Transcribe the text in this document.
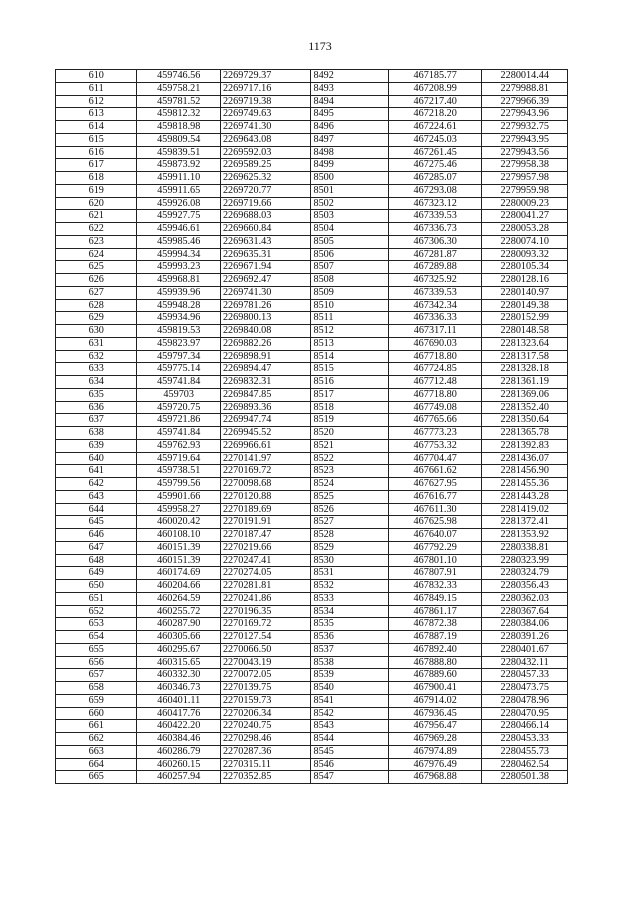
1173
610	459746.56	2269729.37	8492	467185.77	2280014.44
611	459758.21	2269717.16	8493	467208.99	2279988.81
612	459781.52	2269719.38	8494	467217.40	2279966.39
613	459812.32	2269749.63	8495	467218.20	2279943.96
614	459818.98	2269741.30	8496	467224.61	2279932.75
615	459809.54	2269643.08	8497	467245.03	2279943.95
616	459839.51	2269592.03	8498	467261.45	2279943.56
617	459873.92	2269589.25	8499	467275.46	2279958.38
618	459911.10	2269625.32	8500	467285.07	2279957.98
619	459911.65	2269720.77	8501	467293.08	2279959.98
620	459926.08	2269719.66	8502	467323.12	2280009.23
621	459927.75	2269688.03	8503	467339.53	2280041.27
622	459946.61	2269660.84	8504	467336.73	2280053.28
623	459985.46	2269631.43	8505	467306.30	2280074.10
624	459994.34	2269635.31	8506	467281.87	2280093.32
625	459993.23	2269671.94	8507	467289.88	2280105.34
626	459968.81	2269692.47	8508	467325.92	2280128.16
627	459939.96	2269741.30	8509	467339.53	2280140.97
628	459948.28	2269781.26	8510	467342.34	2280149.38
629	459934.96	2269800.13	8511	467336.33	2280152.99
630	459819.53	2269840.08	8512	467317.11	2280148.58
631	459823.97	2269882.26	8513	467690.03	2281323.64
632	459797.34	2269898.91	8514	467718.80	2281317.58
633	459775.14	2269894.47	8515	467724.85	2281328.18
634	459741.84	2269832.31	8516	467712.48	2281361.19
635	459703	2269847.85	8517	467718.80	2281369.06
636	459720.75	2269893.36	8518	467749.08	2281352.40
637	459721.86	2269947.74	8519	467765.66	2281350.64
638	459741.84	2269945.52	8520	467773.23	2281365.78
639	459762.93	2269966.61	8521	467753.32	2281392.83
640	459719.64	2270141.97	8522	467704.47	2281436.07
641	459738.51	2270169.72	8523	467661.62	2281456.90
642	459799.56	2270098.68	8524	467627.95	2281455.36
643	459901.66	2270120.88	8525	467616.77	2281443.28
644	459958.27	2270189.69	8526	467611.30	2281419.02
645	460020.42	2270191.91	8527	467625.98	2281372.41
646	460108.10	2270187.47	8528	467640.07	2281353.92
647	460151.39	2270219.66	8529	467792.29	2280338.81
648	460151.39	2270247.41	8530	467801.10	2280323.99
649	460174.69	2270274.05	8531	467807.91	2280324.79
650	460204.66	2270281.81	8532	467832.33	2280356.43
651	460264.59	2270241.86	8533	467849.15	2280362.03
652	460255.72	2270196.35	8534	467861.17	2280367.64
653	460287.90	2270169.72	8535	467872.38	2280384.06
654	460305.66	2270127.54	8536	467887.19	2280391.26
655	460295.67	2270066.50	8537	467892.40	2280401.67
656	460315.65	2270043.19	8538	467888.80	2280432.11
657	460332.30	2270072.05	8539	467889.60	2280457.33
658	460346.73	2270139.75	8540	467900.41	2280473.75
659	460401.11	2270159.73	8541	467914.02	2280478.96
660	460417.76	2270206.34	8542	467936.45	2280470.95
661	460422.20	2270240.75	8543	467956.47	2280466.14
662	460384.46	2270298.46	8544	467969.28	2280453.33
663	460286.79	2270287.36	8545	467974.89	2280455.73
664	460260.15	2270315.11	8546	467976.49	2280462.54
665	460257.94	2270352.85	8547	467968.88	2280501.38
